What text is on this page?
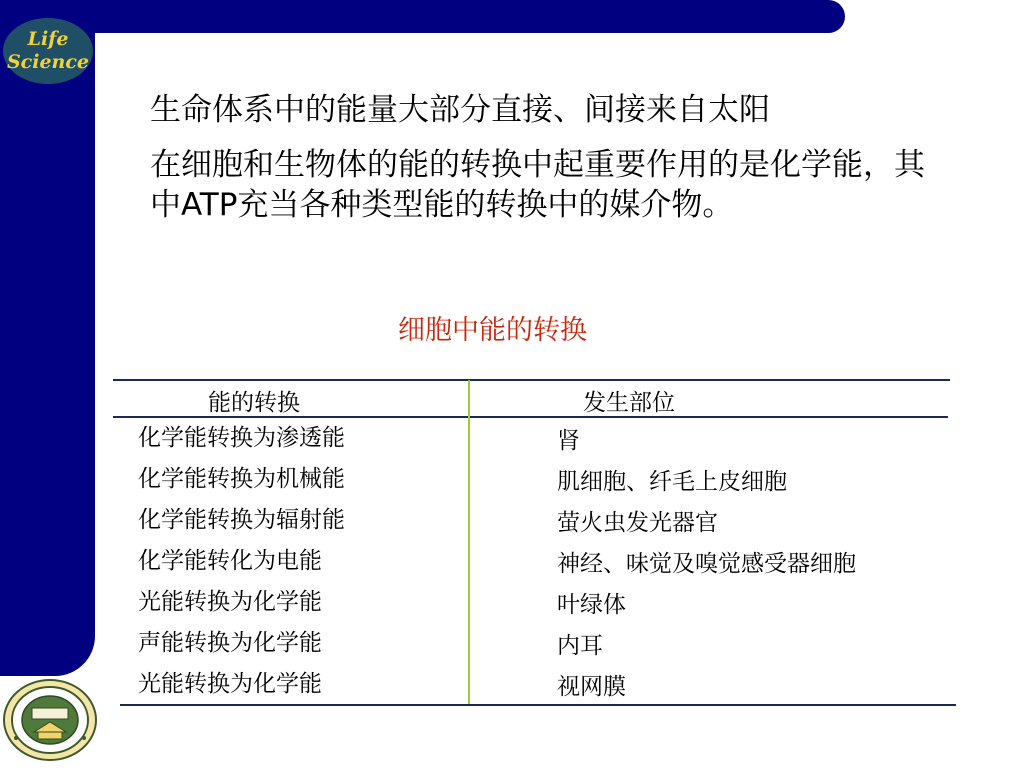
Life
Science
生命体系中的能量大部分直接、间接来自太阳
在细胞和生物体的能的转换中起重要作用的是化学能，其中ATP充当各种类型能的转换中的媒介物。
细胞中能的转换
能的转换	发生部位
化学能转换为渗透能
化学能转换为机械能
化学能转换为辐射能
化学能转化为电能
光能转换为化学能
声能转换为化学能
光能转换为化学能
肾
肌细胞、纤毛上皮细胞
萤火虫发光器官
神经、味觉及嗅觉感受器细胞
叶绿体
内耳
视网膜
